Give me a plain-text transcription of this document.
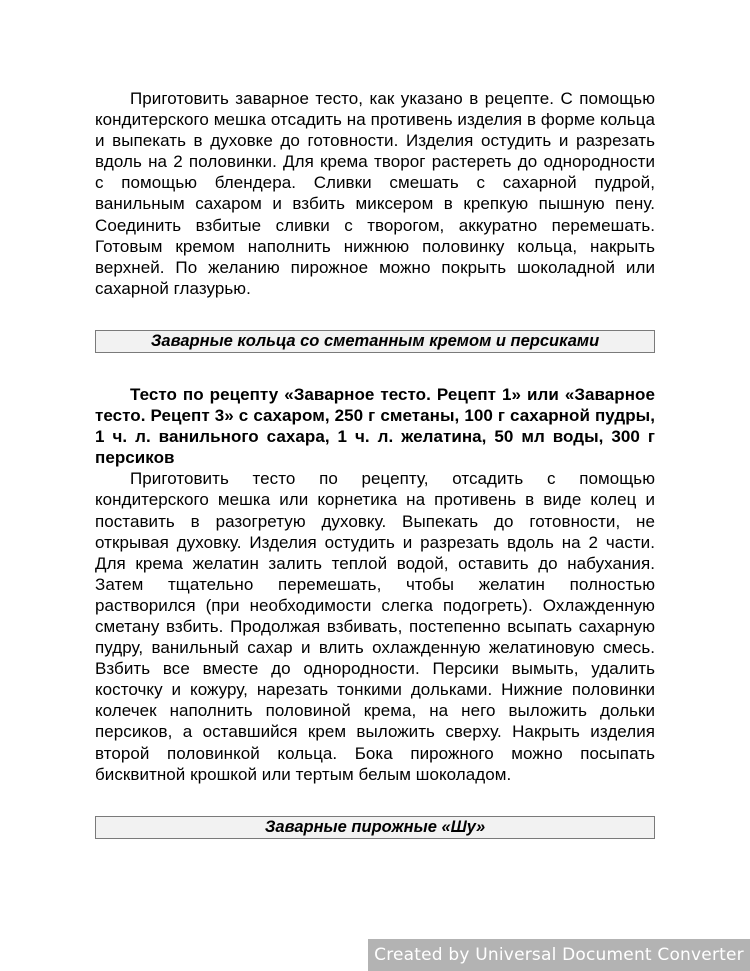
Приготовить заварное тесто, как указано в рецепте. С помощью кондитерского мешка отсадить на противень изделия в форме кольца и выпекать в духовке до готовности. Изделия остудить и разрезать вдоль на 2 половинки. Для крема творог растереть до однородности с помощью блендера. Сливки смешать с сахарной пудрой, ванильным сахаром и взбить миксером в крепкую пышную пену. Соединить взбитые сливки с творогом, аккуратно перемешать. Готовым кремом наполнить нижнюю половинку кольца, накрыть верхней. По желанию пирожное можно покрыть шоколадной или сахарной глазурью.

Заварные кольца со сметанным кремом и персиками

Тесто по рецепту «Заварное тесто. Рецепт 1» или «Заварное тесто. Рецепт 3» с сахаром, 250 г сметаны, 100 г сахарной пудры, 1 ч. л. ванильного сахара, 1 ч. л. желатина, 50 мл воды, 300 г персиков

Приготовить тесто по рецепту, отсадить с помощью кондитерского мешка или корнетика на противень в виде колец и поставить в разогретую духовку. Выпекать до готовности, не открывая духовку. Изделия остудить и разрезать вдоль на 2 части. Для крема желатин залить теплой водой, оставить до набухания. Затем тщательно перемешать, чтобы желатин полностью растворился (при необходимости слегка подогреть). Охлажденную сметану взбить. Продолжая взбивать, постепенно всыпать сахарную пудру, ванильный сахар и влить охлажденную желатиновую смесь. Взбить все вместе до однородности. Персики вымыть, удалить косточку и кожуру, нарезать тонкими дольками. Нижние половинки колечек наполнить половиной крема, на него выложить дольки персиков, а оставшийся крем выложить сверху. Накрыть изделия второй половинкой кольца. Бока пирожного можно посыпать бисквитной крошкой или тертым белым шоколадом.

Заварные пирожные «Шу»
Created by Universal Document Converter
